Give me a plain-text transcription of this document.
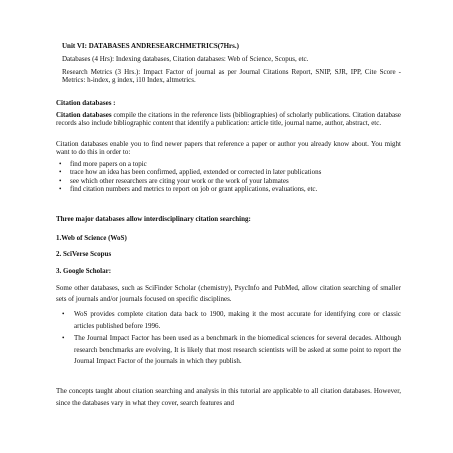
Unit VI: DATABASES ANDRESEARCHMETRICS(7Hrs.)
Databases (4 Hrs): Indexing databases, Citation databases: Web of Science, Scopus, etc.
Research Metrics (3 Hrs.): Impact Factor of journal as per Journal Citations Report, SNIP, SJR, IPP, Cite Score - Metrics: h-index, g index, i10 Index, altmetrics.
Citation databases :
Citation databases compile the citations in the reference lists (bibliographies) of scholarly publications. Citation database records also include bibliographic content that identify a publication: article title, journal name, author, abstract, etc.
Citation databases enable you to find newer papers that reference a paper or author you already know about. You might want to do this in order to:
• find more papers on a topic
• trace how an idea has been confirmed, applied, extended or corrected in later publications
• see which other researchers are citing your work or the work of your labmates
• find citation numbers and metrics to report on job or grant applications, evaluations, etc.
Three major databases allow interdisciplinary citation searching:
1.Web of Science (WoS)
2. SciVerse Scopus
3. Google Scholar:
Some other databases, such as SciFinder Scholar (chemistry), PsycInfo and PubMed, allow citation searching of smaller sets of journals and/or journals focused on specific disciplines.
• WoS provides complete citation data back to 1900, making it the most accurate for identifying core or classic articles published before 1996.
• The Journal Impact Factor has been used as a benchmark in the biomedical sciences for several decades. Although research benchmarks are evolving, It is likely that most research scientists will be asked at some point to report the Journal Impact Factor of the journals in which they publish.
The concepts taught about citation searching and analysis in this tutorial are applicable to all citation databases. However, since the databases vary in what they cover, search features and
